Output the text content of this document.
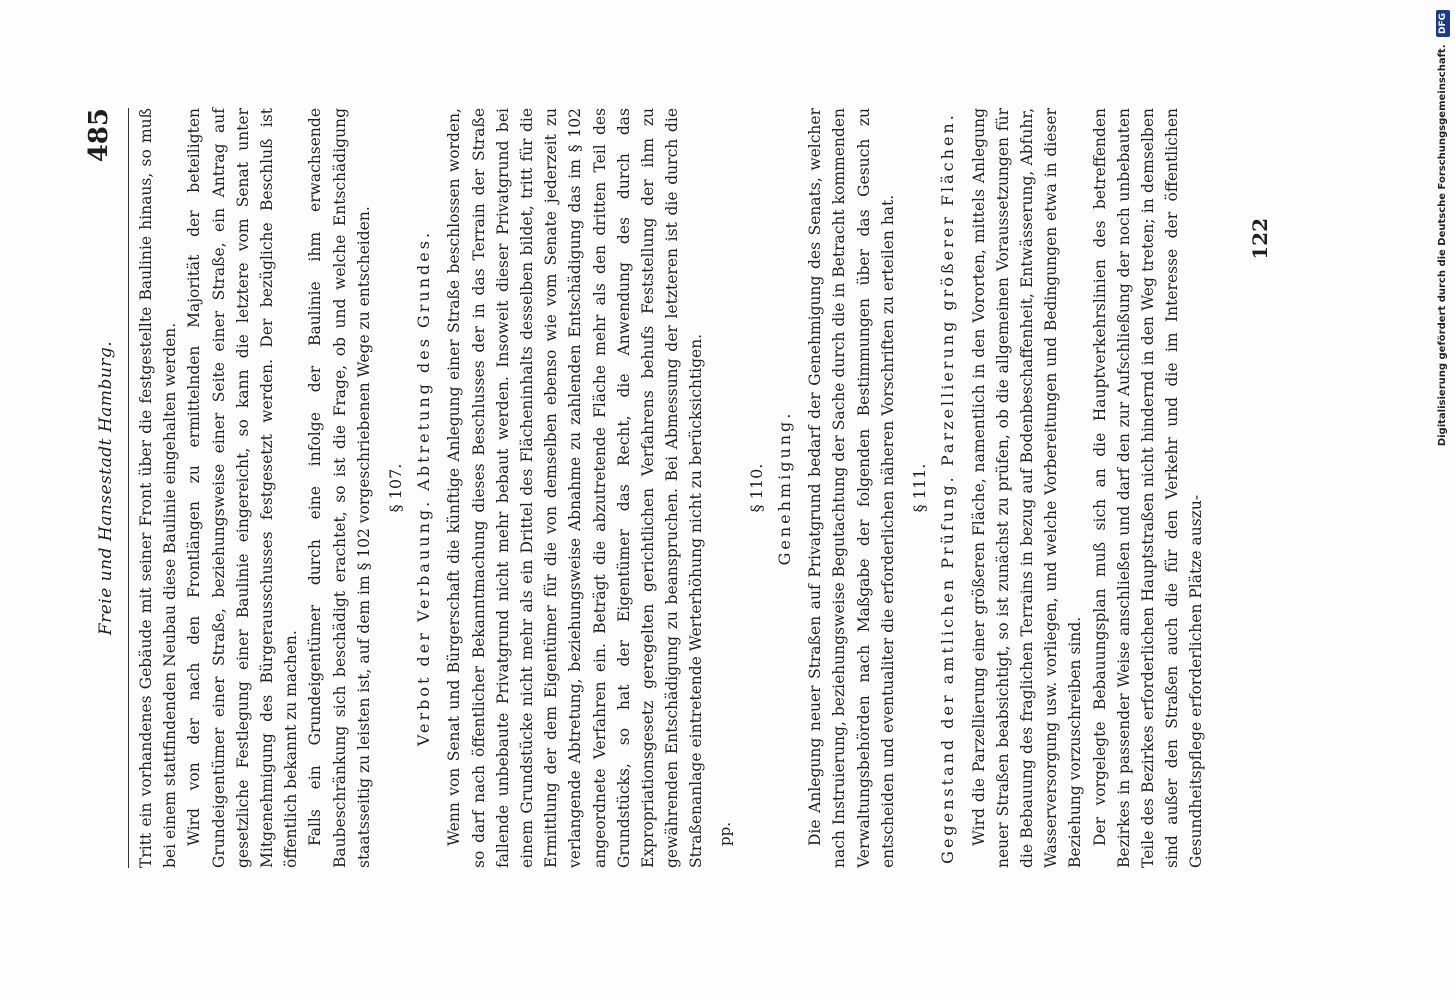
Freie und Hansestadt Hamburg.
485 Tritt ein vorhandenes Gebäude mit seiner Front über die festgestellte Baulinie hinaus, so muß bei einem stattfindenden Neubau diese Baulinie eingehalten werden. Wird von der nach den Frontlängen zu ermittelnden Majorität der beteiligten Grundeigentümer einer Straße, beziehungsweise einer Seite einer Straße, ein Antrag auf gesetzliche Festlegung einer Baulinie eingereicht, so kann die letztere vom Senat unter Mitgenehmigung des Bürgerausschusses festgesetzt werden. Der bezügliche Beschluß ist öffentlich bekannt zu machen. Falls ein Grundeigentümer durch eine infolge der Baulinie ihm erwachsende Baubeschränkung sich beschädigt erachtet, so ist die Frage, ob und welche Entschädigung staatsseitig zu leisten ist, auf dem im § 102 vorgeschriebenen Wege zu entscheiden. § 107. Verbot der Verbauung. Abtretung des Grundes. Wenn von Senat und Bürgerschaft die künftige Anlegung einer Straße beschlossen worden, so darf nach öffentlicher Bekanntmachung dieses Beschlusses der in das Terrain der Straße fallende unbebaute Privatgrund nicht mehr bebaut werden. Insoweit dieser Privatgrund bei einem Grundstücke nicht mehr als ein Drittel des Flächeninhalts desselben bildet, tritt für die Ermittlung der dem Eigentümer für die von demselben ebenso wie vom Senate jederzeit zu verlangende Abtretung, beziehungsweise Abnahme zu zahlenden Entschädigung das im § 102 angeordnete Verfahren ein. Beträgt die abzutretende Fläche mehr als den dritten Teil des Grundstücks, so hat der Eigentümer das Recht, die Anwendung des durch das Expropriationsgesetz geregelten gerichtlichen Verfahrens behufs Feststellung der ihm zu gewährenden Entschädigung zu beanspruchen. Bei Abmessung der letzteren ist die durch die Straßenanlage eintretende Werterhöhung nicht zu berücksichtigen. pp.
§ 110. Genehmigung. Die Anlegung neuer Straßen auf Privatgrund bedarf der Genehmigung des Senats, welcher nach Instruierung, beziehungsweise Begutachtung der Sache durch die in Betracht kommenden Verwaltungsbehörden nach Maßgabe der folgenden Bestimmungen über das Gesuch zu entscheiden und eventualiter die erforderlichen näheren Vorschriften zu erteilen hat. § 111. Gegenstand der amtlichen Prüfung. Parzellierung größerer Flächen. Wird die Parzellierung einer größeren Fläche, namentlich in den Vororten, mittels Anlegung neuer Straßen beabsichtigt, so ist zunächst zu prüfen, ob die allgemeinen Voraussetzungen für die Bebauung des fraglichen Terrains in bezug auf Bodenbeschaffenheit, Entwässerung, Abfuhr, Wasserversorgung usw. vorliegen, und welche Vorbereitungen und Bedingungen etwa in dieser Beziehung vorzuschreiben sind. Der vorgelegte Bebauungsplan muß sich an die Hauptverkehrslinien des betreffenden Bezirkes in passender Weise anschließen und darf den zur Aufschließung der noch unbebauten Teile des Bezirkes erforderlichen Hauptstraßen nicht hindernd in den Weg treten; in demselben sind außer den Straßen auch die für den Verkehr und die im Interesse der öffentlichen Gesundheitspflege erforderlichen Plätze auszu-

122	Digitalisierung gefördert durch die Deutsche Forschungsgemeinschaft. DFG
